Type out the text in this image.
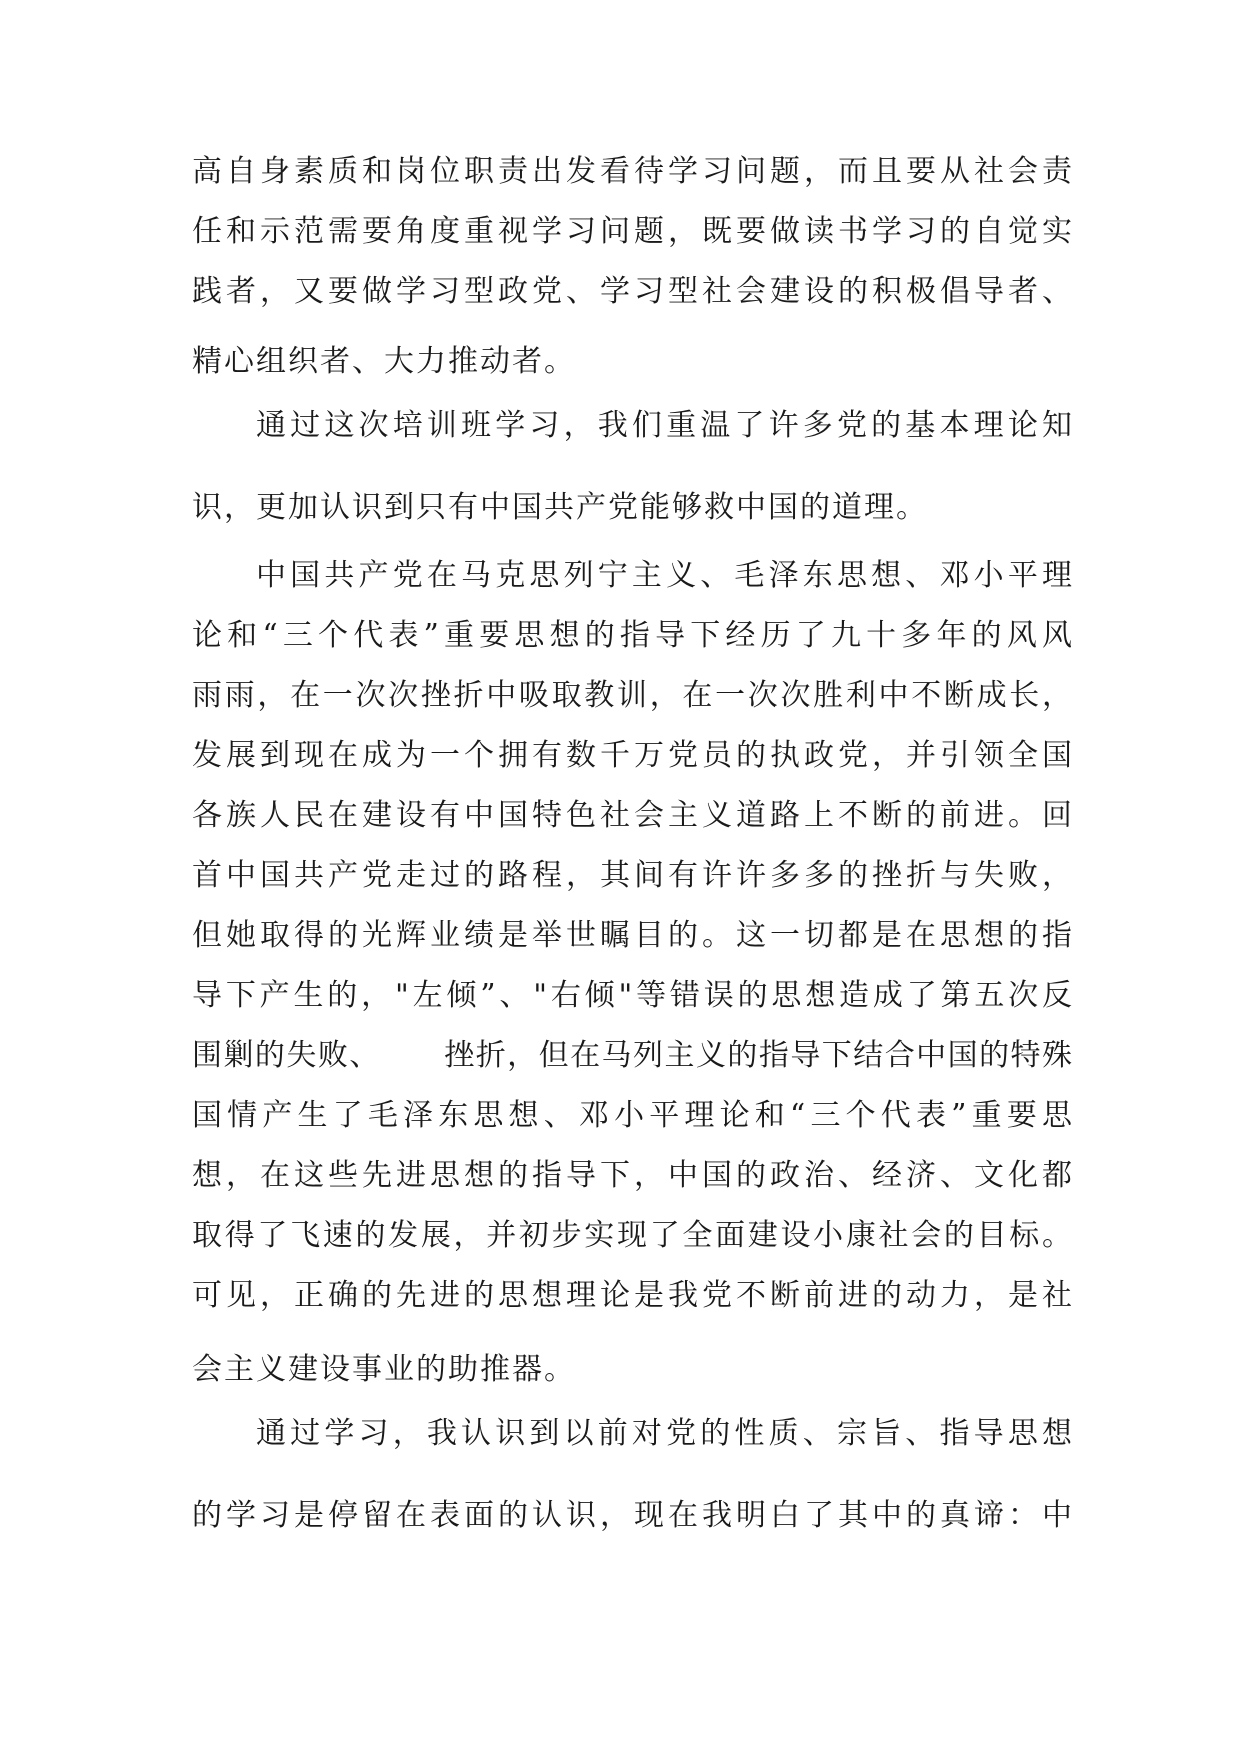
高自身素质和岗位职责出发看待学习问题，而且要从社会责
任和示范需要角度重视学习问题，既要做读书学习的自觉实
践者，又要做学习型政党、学习型社会建设的积极倡导者、
精心组织者、大力推动者。
通过这次培训班学习，我们重温了许多党的基本理论知
识，更加认识到只有中国共产党能够救中国的道理。
中国共产党在马克思列宁主义、毛泽东思想、邓小平理
论和“三个代表”重要思想的指导下经历了九十多年的风风
雨雨，在一次次挫折中吸取教训，在一次次胜利中不断成长，
发展到现在成为一个拥有数千万党员的执政党，并引领全国
各族人民在建设有中国特色社会主义道路上不断的前进。回
首中国共产党走过的路程，其间有许许多多的挫折与失败，
但她取得的光辉业绩是举世瞩目的。这一切都是在思想的指
导下产生的，"左倾”、"右倾"等错误的思想造成了第五次反
围剿的失败、 挫折，但在马列主义的指导下结合中国的特殊
国情产生了毛泽东思想、邓小平理论和“三个代表”重要思
想，在这些先进思想的指导下，中国的政治、经济、文化都
取得了飞速的发展，并初步实现了全面建设小康社会的目标。
可见，正确的先进的思想理论是我党不断前进的动力，是社
会主义建设事业的助推器。
通过学习，我认识到以前对党的性质、宗旨、指导思想
的学习是停留在表面的认识，现在我明白了其中的真谛：中
